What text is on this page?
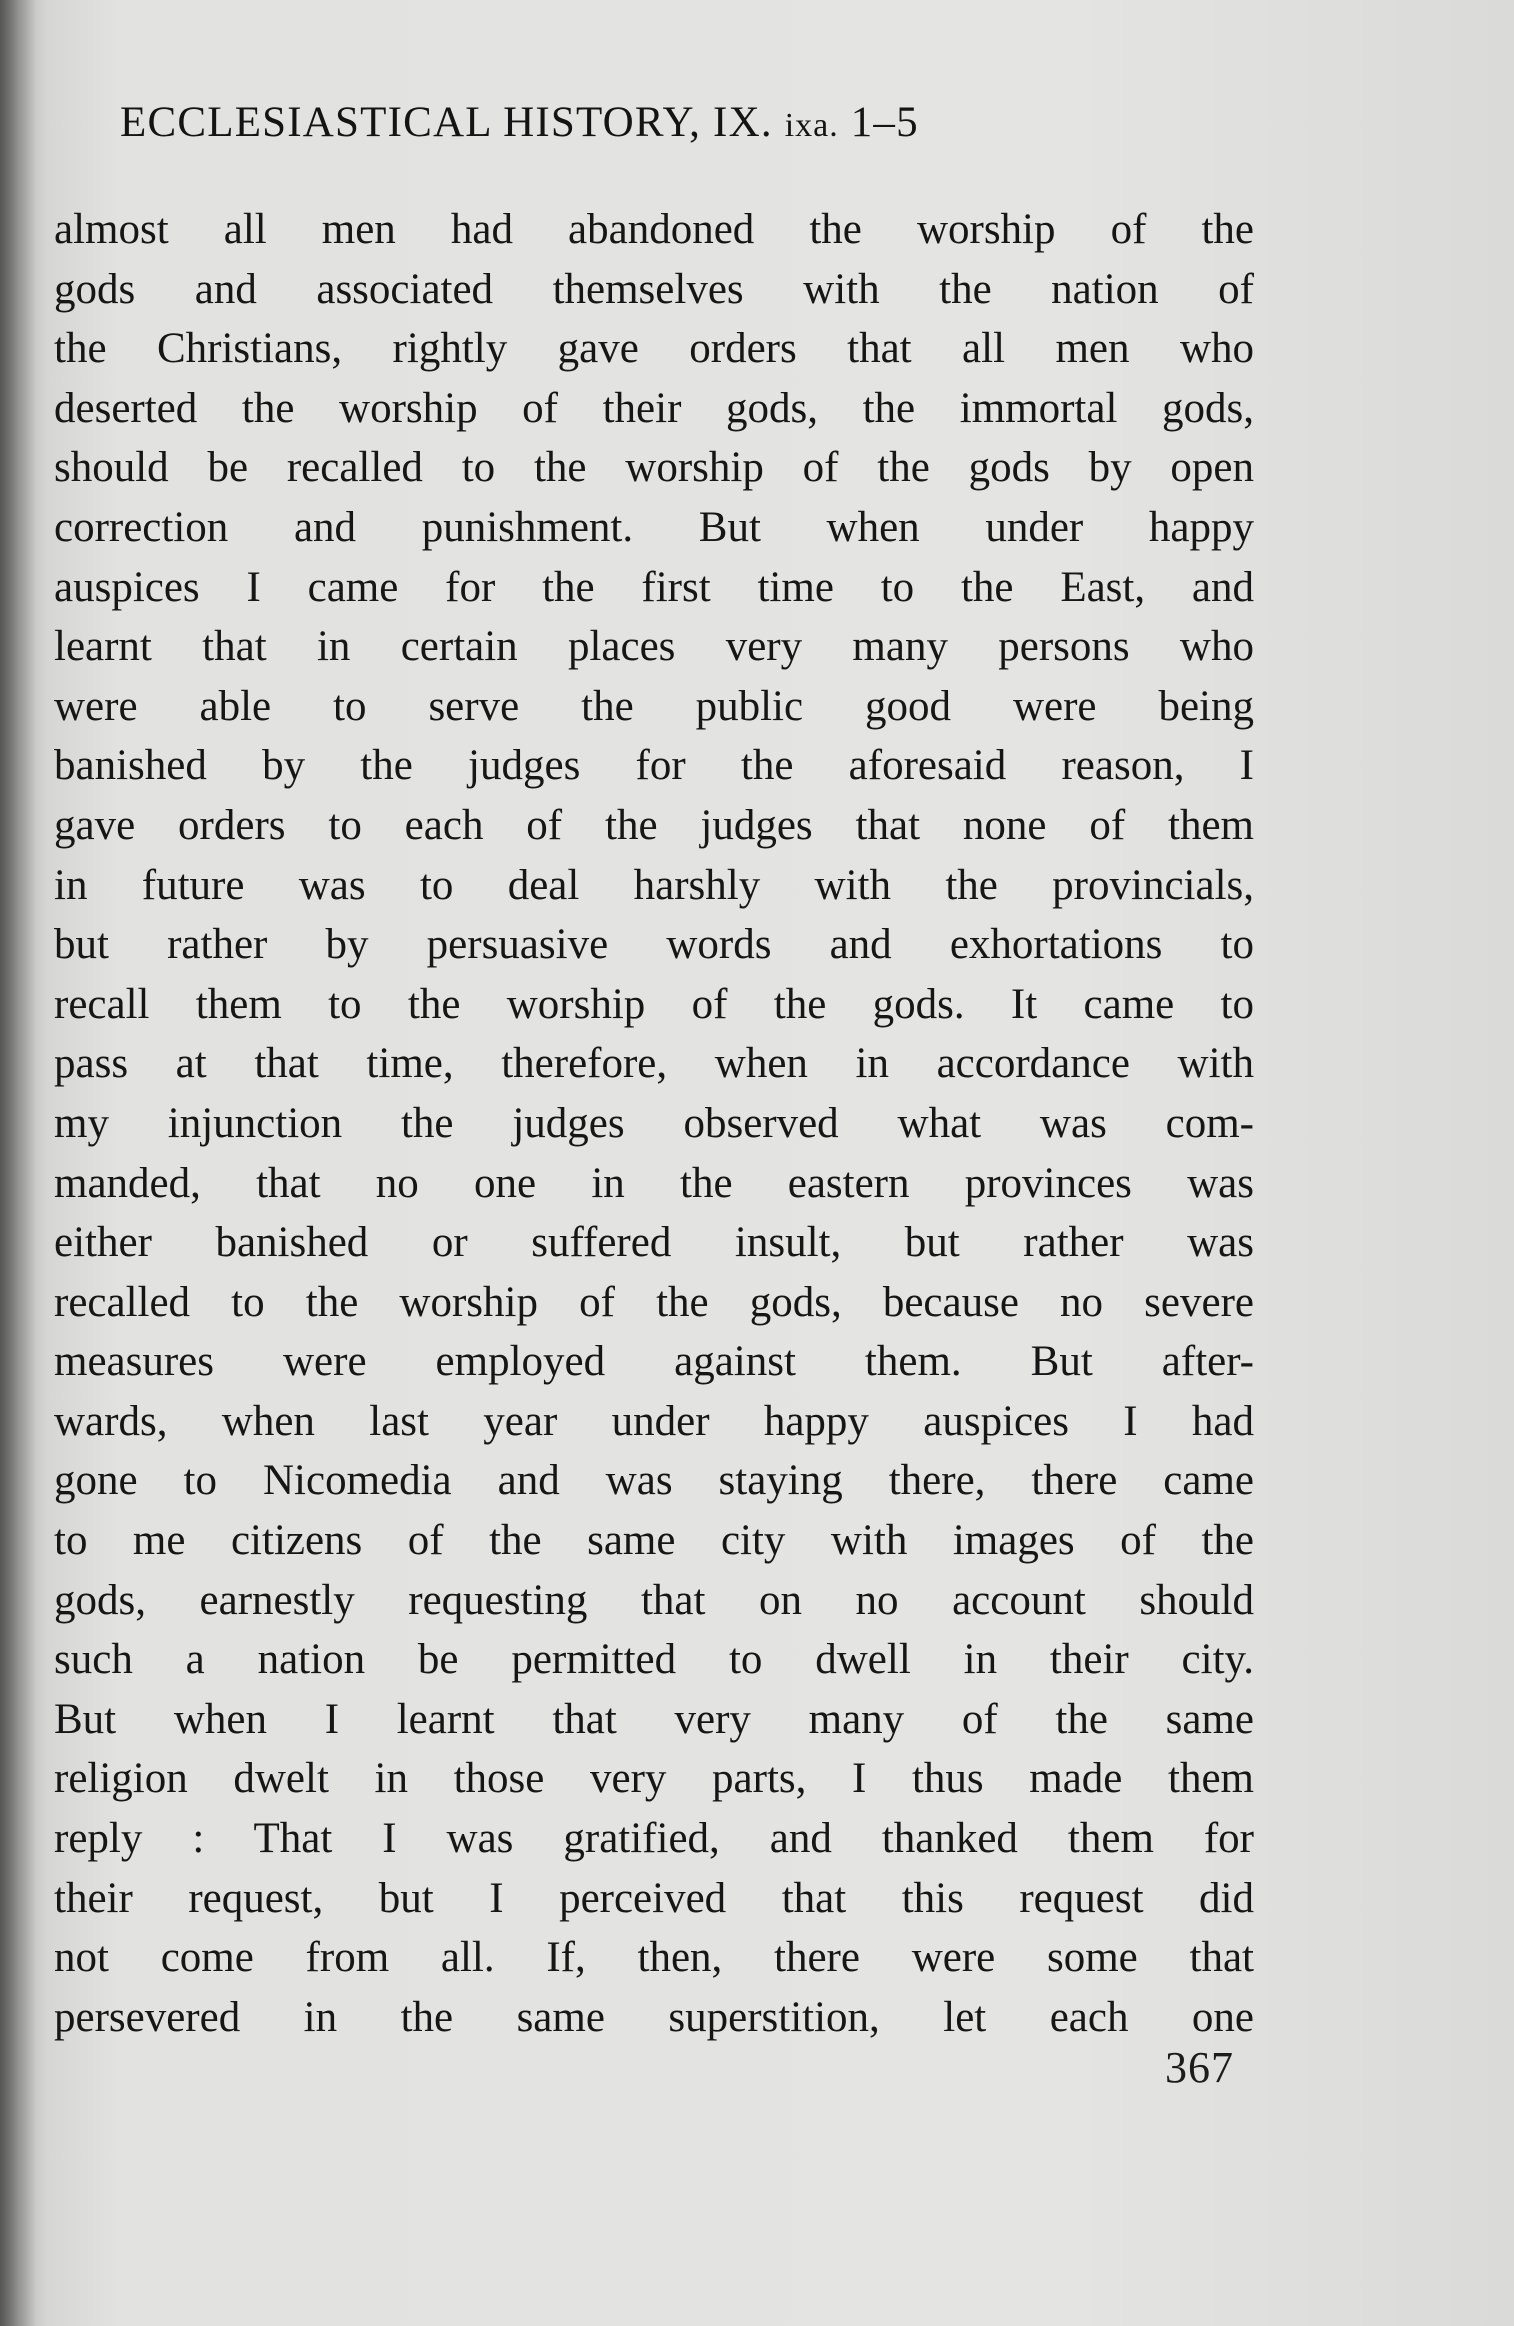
ECCLESIASTICAL HISTORY, IX. ixa. 1–5
almost all men had abandoned the worship of the
gods and associated themselves with the nation of
the Christians, rightly gave orders that all men who
deserted the worship of their gods, the immortal gods,
should be recalled to the worship of the gods by open
correction and punishment. But when under happy
auspices I came for the first time to the East, and
learnt that in certain places very many persons who
were able to serve the public good were being
banished by the judges for the aforesaid reason, I
gave orders to each of the judges that none of them
in future was to deal harshly with the provincials,
but rather by persuasive words and exhortations to
recall them to the worship of the gods. It came to
pass at that time, therefore, when in accordance with
my injunction the judges observed what was com-
manded, that no one in the eastern provinces was
either banished or suffered insult, but rather was
recalled to the worship of the gods, because no severe
measures were employed against them. But after-
wards, when last year under happy auspices I had
gone to Nicomedia and was staying there, there came
to me citizens of the same city with images of the
gods, earnestly requesting that on no account should
such a nation be permitted to dwell in their city.
But when I learnt that very many of the same
religion dwelt in those very parts, I thus made them
reply : That I was gratified, and thanked them for
their request, but I perceived that this request did
not come from all. If, then, there were some that
persevered in the same superstition, let each one
367
